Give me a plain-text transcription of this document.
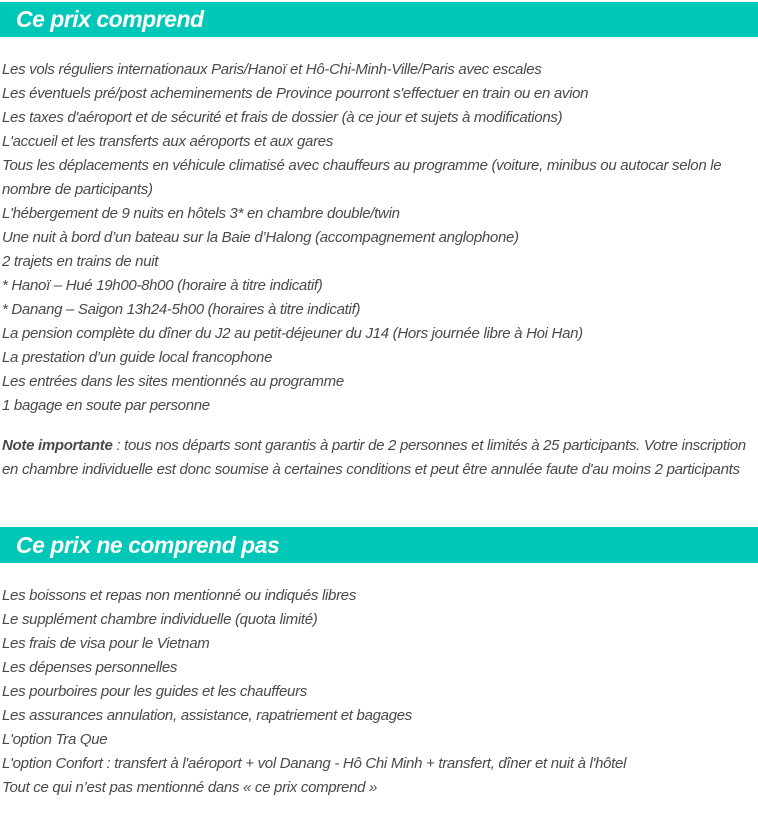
Ce prix comprend

Les vols réguliers internationaux Paris/Hanoï et Hô-Chi-Minh-Ville/Paris avec escales

Les éventuels pré/post acheminements de Province pourront s'effectuer en train ou en avion

Les taxes d'aéroport et de sécurité et frais de dossier (à ce jour et sujets à modifications)

L'accueil et les transferts aux aéroports et aux gares

Tous les déplacements en véhicule climatisé avec chauffeurs au programme (voiture, minibus ou autocar selon le nombre de participants)

L'hébergement de 9 nuits en hôtels 3* en chambre double/twin

Une nuit à bord d’un bateau sur la Baie d’Halong (accompagnement anglophone)

2 trajets en trains de nuit

* Hanoï – Hué 19h00-8h00 (horaire à titre indicatif)

* Danang – Saigon 13h24-5h00 (horaires à titre indicatif)

La pension complète du dîner du J2 au petit-déjeuner du J14 (Hors journée libre à Hoi Han)

La prestation d’un guide local francophone

Les entrées dans les sites mentionnés au programme

1 bagage en soute par personne

Note importante : tous nos départs sont garantis à partir de 2 personnes et limités à 25 participants. Votre inscription en chambre individuelle est donc soumise à certaines conditions et peut être annulée faute d'au moins 2 participants

Ce prix ne comprend pas

Les boissons et repas non mentionné ou indiqués libres

Le supplément chambre individuelle (quota limité)

Les frais de visa pour le Vietnam

Les dépenses personnelles

Les pourboires pour les guides et les chauffeurs

Les assurances annulation, assistance, rapatriement et bagages

L'option Tra Que

L'option Confort : transfert à l'aéroport + vol Danang - Hô Chi Minh + transfert, dîner et nuit à l'hôtel

Tout ce qui n’est pas mentionné dans « ce prix comprend »
